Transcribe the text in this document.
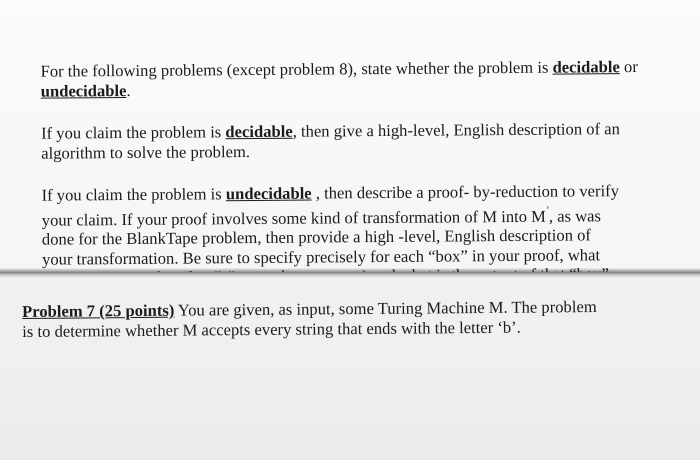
For the following problems (except problem 8), state whether the problem is decidable or
undecidable.

If you claim the problem is decidable, then give a high-level, English description of an
algorithm to solve the problem.

If you claim the problem is undecidable , then describe a proof- by-reduction to verify
your claim. If your proof involves some kind of transformation of M into M', as was
done for the BlankTape problem, then provide a high -level, English description of
your transformation. Be sure to specify precisely for each “box” in your proof, what

Problem 7 (25 points) You are given, as input, some Turing Machine M. The problem
is to determine whether M accepts every string that ends with the letter ‘b’.
